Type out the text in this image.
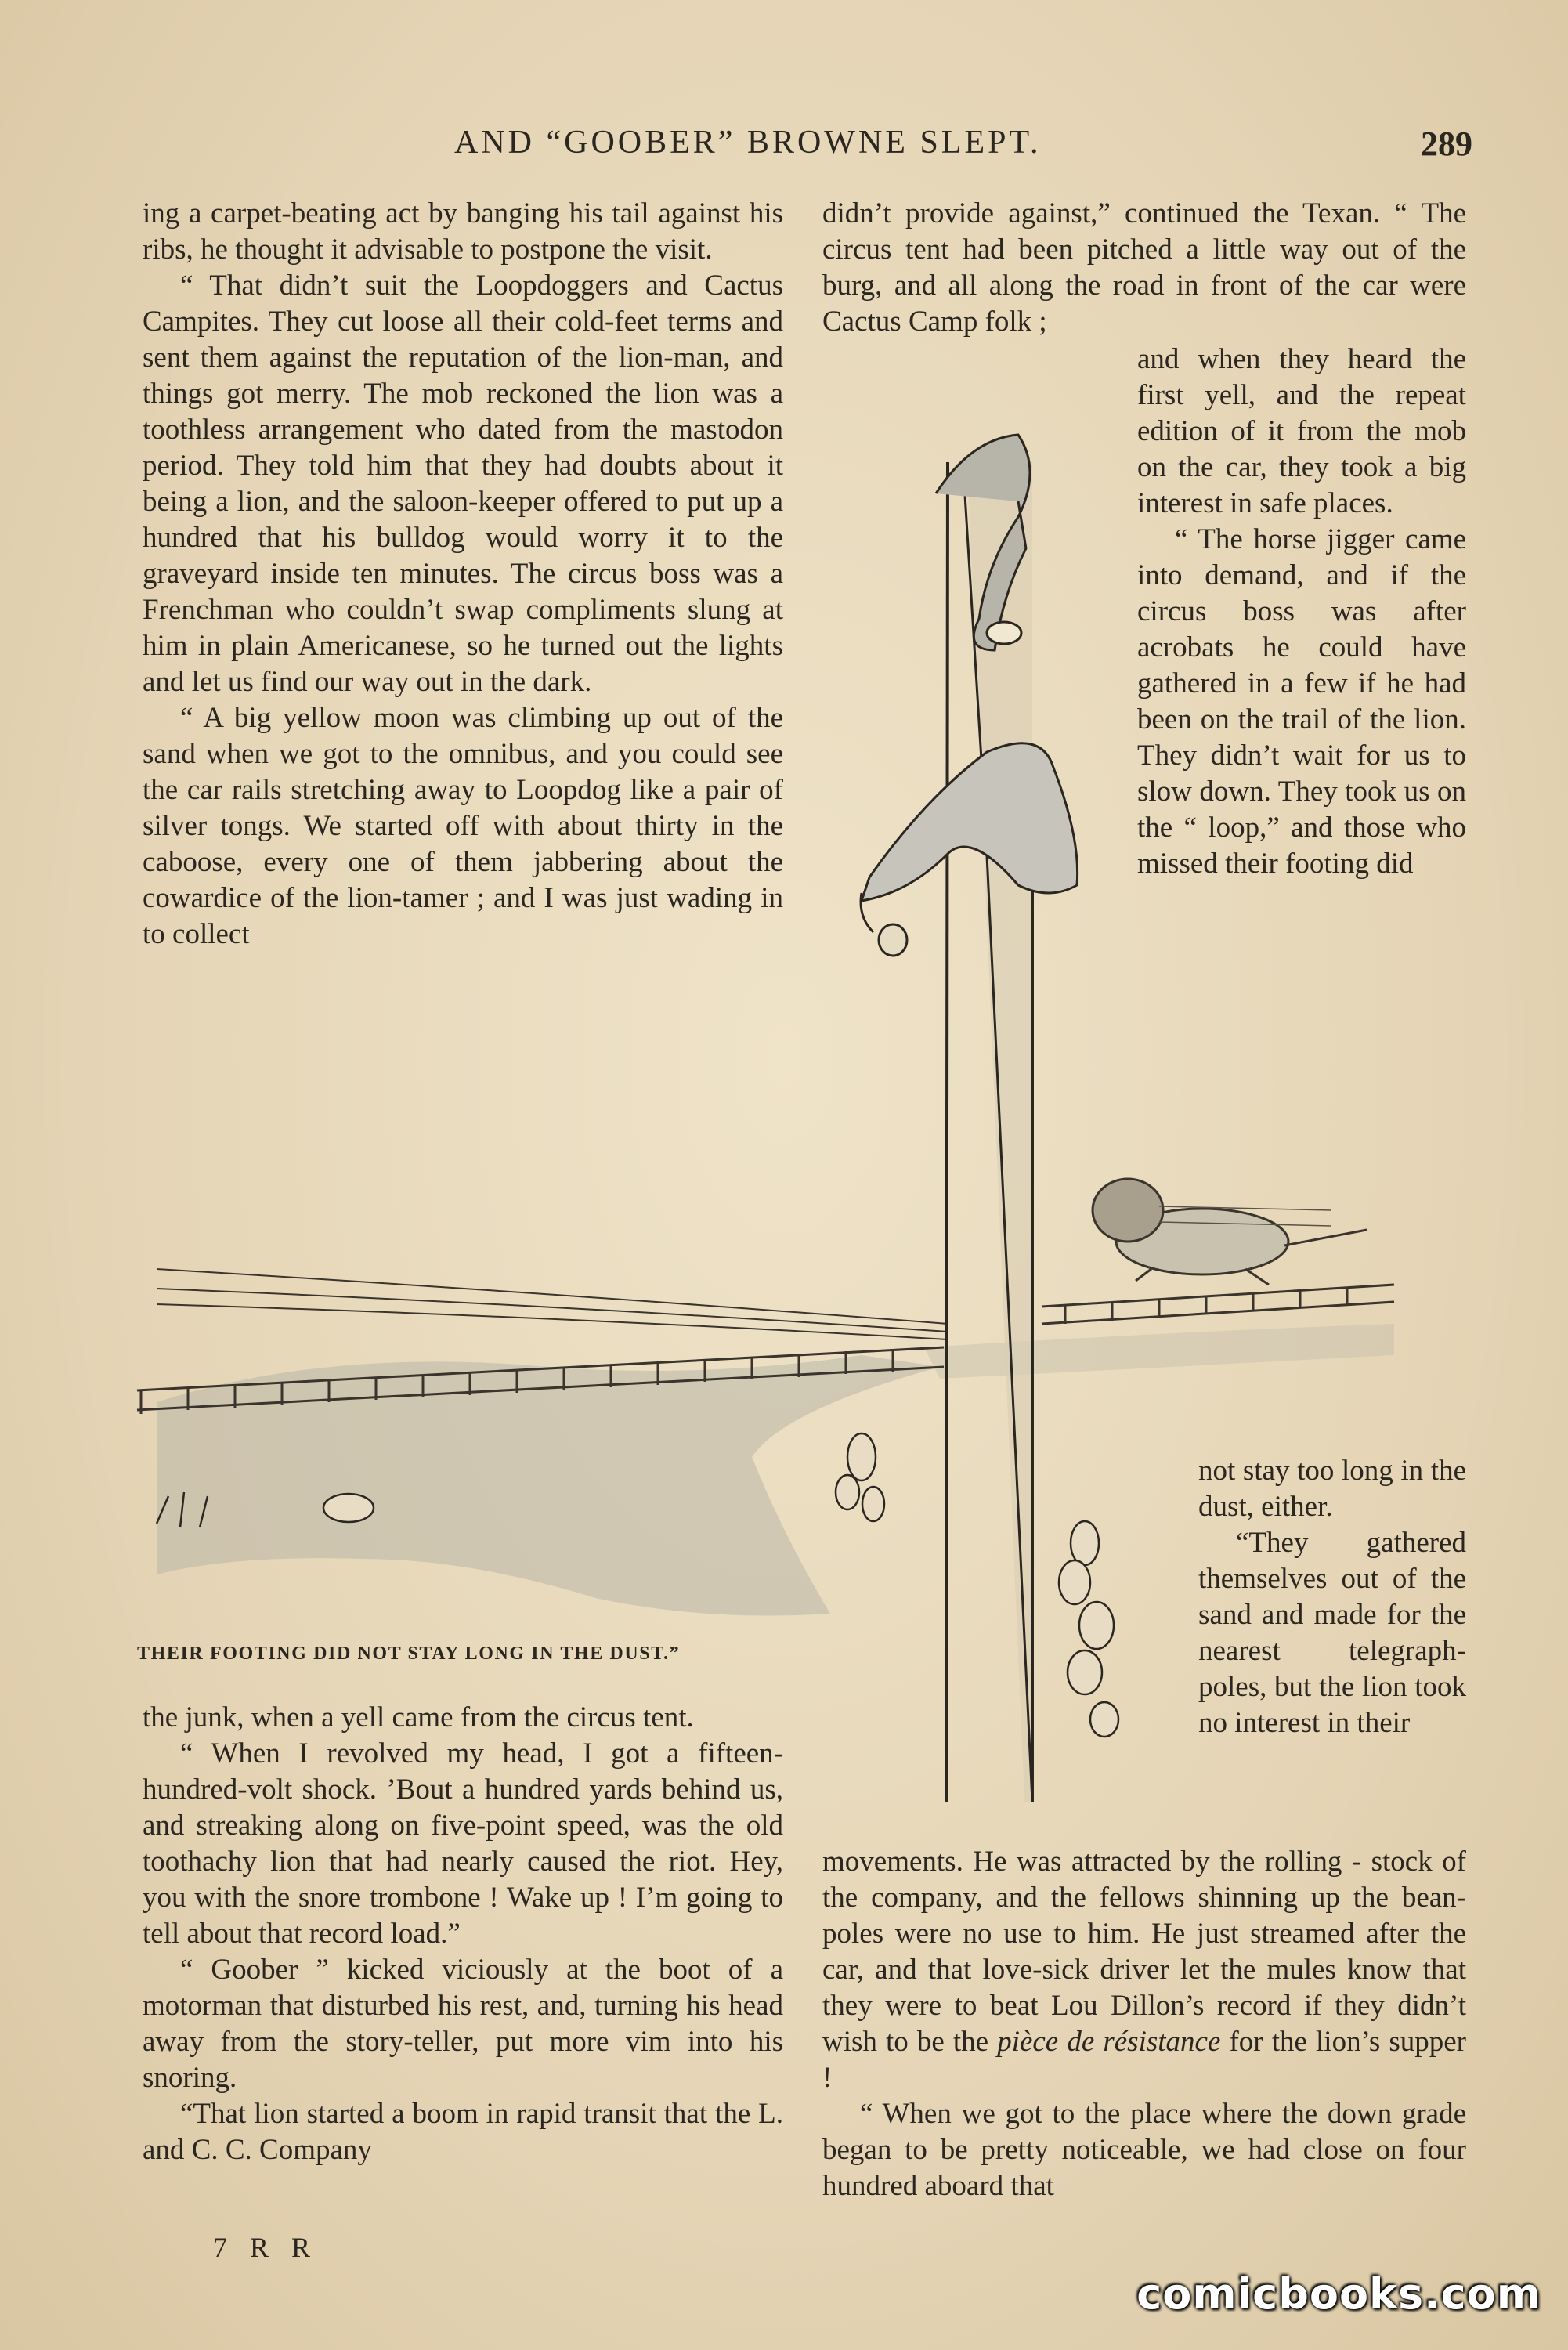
AND “GOOBER” BROWNE SLEPT.	289

ing a carpet-beating act by banging his tail against his ribs, he thought it advisable to postpone the visit.

“ That didn’t suit the Loopdoggers and Cactus Campites. They cut loose all their cold-feet terms and sent them against the reputation of the lion-man, and things got merry. The mob reckoned the lion was a toothless arrangement who dated from the mastodon period. They told him that they had doubts about it being a lion, and the saloon-keeper offered to put up a hundred that his bulldog would worry it to the graveyard inside ten minutes. The circus boss was a Frenchman who couldn’t swap compliments slung at him in plain Americanese, so he turned out the lights and let us find our way out in the dark.

“ A big yellow moon was climbing up out of the sand when we got to the omnibus, and you could see the car rails stretching away to Loopdog like a pair of silver tongs. We started off with about thirty in the caboose, every one of them jabbering about the cowardice of the lion-tamer ; and I was just wading in to collect

didn’t provide against,” continued the Texan. “ The circus tent had been pitched a little way out of the burg, and all along the road in front of the car were Cactus Camp folk ;

and when they heard the first yell, and the repeat edition of it from the mob on the car, they took a big interest in safe places.

“ The horse jigger came into demand, and if the circus boss was after acrobats he could have gathered in a few if he had been on the trail of the lion. They didn’t wait for us to slow down. They took us on the “ loop,” and those who missed their footing did

not stay too long in the dust, either.

“They gathered themselves out of the sand and made for the nearest telegraph-poles, but the lion took no interest in their

movements. He was attracted by the rolling - stock of the company, and the fellows shinning up the bean-poles were no use to him. He just streamed after the car, and that love-sick driver let the mules know that they were to beat Lou Dillon’s record if they didn’t wish to be the pièce de résistance for the lion’s supper !

“ When we got to the place where the down grade began to be pretty noticeable, we had close on four hundred aboard that

the junk, when a yell came from the circus tent.

“ When I revolved my head, I got a fifteen-hundred-volt shock. ’Bout a hundred yards behind us, and streaking along on five-point speed, was the old toothachy lion that had nearly caused the riot. Hey, you with the snore trombone ! Wake up ! I’m going to tell about that record load.”

“ Goober ” kicked viciously at the boot of a motorman that disturbed his rest, and, turning his head away from the story-teller, put more vim into his snoring.

“That lion started a boom in rapid transit that the L. and C. C. Company

THEIR FOOTING DID NOT STAY LONG IN THE DUST.”
7 R R
comicbooks.com
